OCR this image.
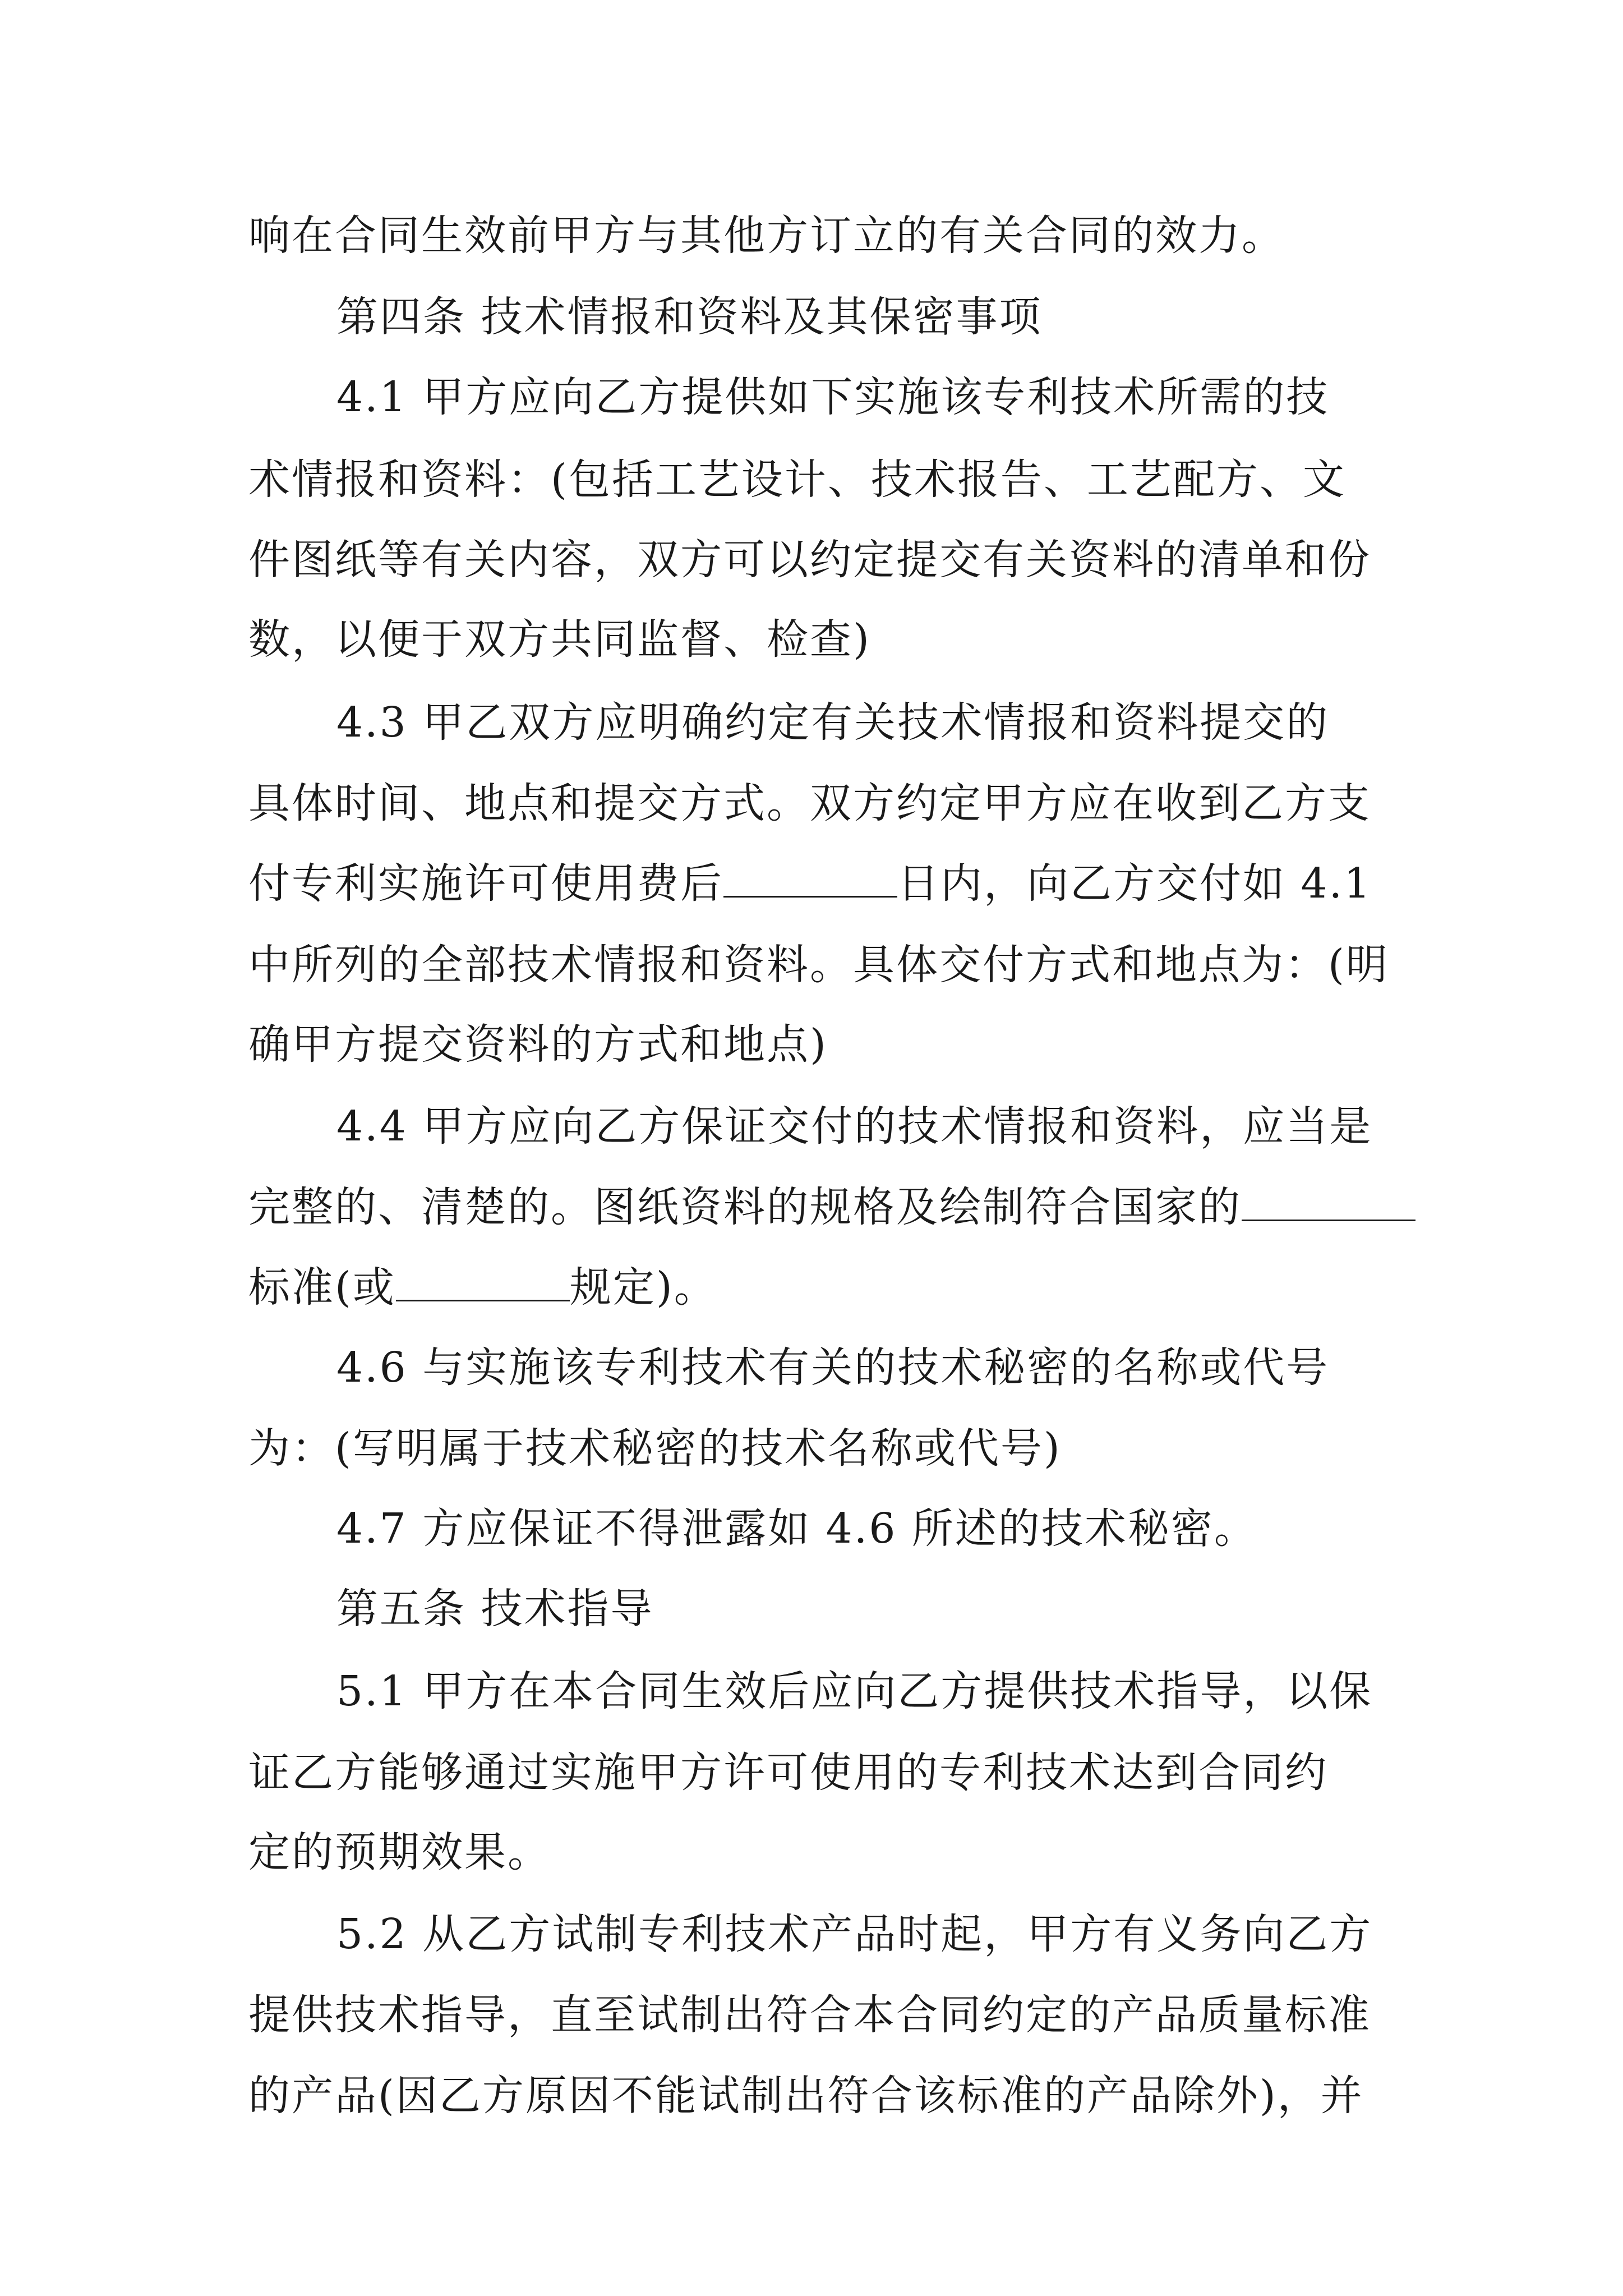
响在合同生效前甲方与其他方订立的有关合同的效力。
第四条 技术情报和资料及其保密事项
4.1 甲方应向乙方提供如下实施该专利技术所需的技
术情报和资料：(包括工艺设计、技术报告、工艺配方、文
件图纸等有关内容，双方可以约定提交有关资料的清单和份
数，以便于双方共同监督、检查)
4.3 甲乙双方应明确约定有关技术情报和资料提交的
具体时间、地点和提交方式。双方约定甲方应在收到乙方支
付专利实施许可使用费后	日内，向乙方交付如 4.1
中所列的全部技术情报和资料。具体交付方式和地点为：(明
确甲方提交资料的方式和地点)
4.4 甲方应向乙方保证交付的技术情报和资料，应当是
完整的、清楚的。图纸资料的规格及绘制符合国家的
标准(或	规定)。
4.6 与实施该专利技术有关的技术秘密的名称或代号
为：(写明属于技术秘密的技术名称或代号)
4.7 方应保证不得泄露如 4.6 所述的技术秘密。
第五条 技术指导
5.1 甲方在本合同生效后应向乙方提供技术指导，以保
证乙方能够通过实施甲方许可使用的专利技术达到合同约
定的预期效果。
5.2 从乙方试制专利技术产品时起，甲方有义务向乙方
提供技术指导，直至试制出符合本合同约定的产品质量标准
的产品(因乙方原因不能试制出符合该标准的产品除外)，并
